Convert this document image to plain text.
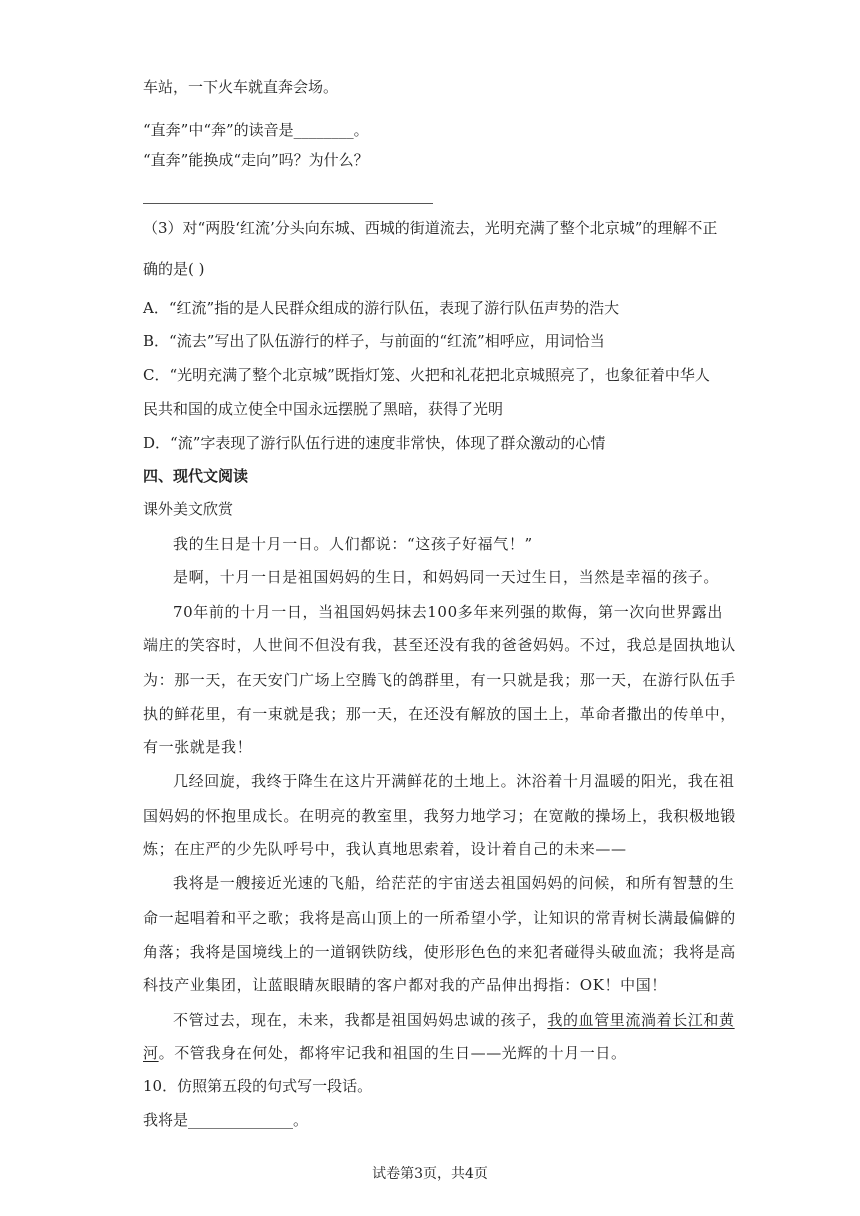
车站，一下火车就直奔会场。
“直奔”中“奔”的读音是________。
“直奔”能换成“走向”吗？为什么？
（3）对“两股‘红流’分头向东城、西城的街道流去，光明充满了整个北京城”的理解不正
确的是( )
A．“红流”指的是人民群众组成的游行队伍，表现了游行队伍声势的浩大
B．“流去”写出了队伍游行的样子，与前面的“红流”相呼应，用词恰当
C．“光明充满了整个北京城”既指灯笼、火把和礼花把北京城照亮了，也象征着中华人
民共和国的成立使全中国永远摆脱了黑暗，获得了光明
D．“流”字表现了游行队伍行进的速度非常快，体现了群众激动的心情
四、现代文阅读
课外美文欣赏
我的生日是十月一日。人们都说：“这孩子好福气！”
是啊，十月一日是祖国妈妈的生日，和妈妈同一天过生日，当然是幸福的孩子。
70年前的十月一日，当祖国妈妈抹去100多年来列强的欺侮，第一次向世界露出
端庄的笑容时，人世间不但没有我，甚至还没有我的爸爸妈妈。不过，我总是固执地认
为：那一天，在天安门广场上空腾飞的鸽群里，有一只就是我；那一天，在游行队伍手
执的鲜花里，有一束就是我；那一天，在还没有解放的国土上，革命者撒出的传单中，
有一张就是我！
几经回旋，我终于降生在这片开满鲜花的土地上。沐浴着十月温暖的阳光，我在祖
国妈妈的怀抱里成长。在明亮的教室里，我努力地学习；在宽敞的操场上，我积极地锻
炼；在庄严的少先队呼号中，我认真地思索着，设计着自己的未来——
我将是一艘接近光速的飞船，给茫茫的宇宙送去祖国妈妈的问候，和所有智慧的生
命一起唱着和平之歌；我将是高山顶上的一所希望小学，让知识的常青树长满最偏僻的
角落；我将是国境线上的一道钢铁防线，使形形色色的来犯者碰得头破血流；我将是高
科技产业集团，让蓝眼睛灰眼睛的客户都对我的产品伸出拇指：OK！中国！
不管过去，现在，未来，我都是祖国妈妈忠诚的孩子，我的血管里流淌着长江和黄
河。不管我身在何处，都将牢记我和祖国的生日——光辉的十月一日。
10．仿照第五段的句式写一段话。
我将是______________。
试卷第3页，共4页
